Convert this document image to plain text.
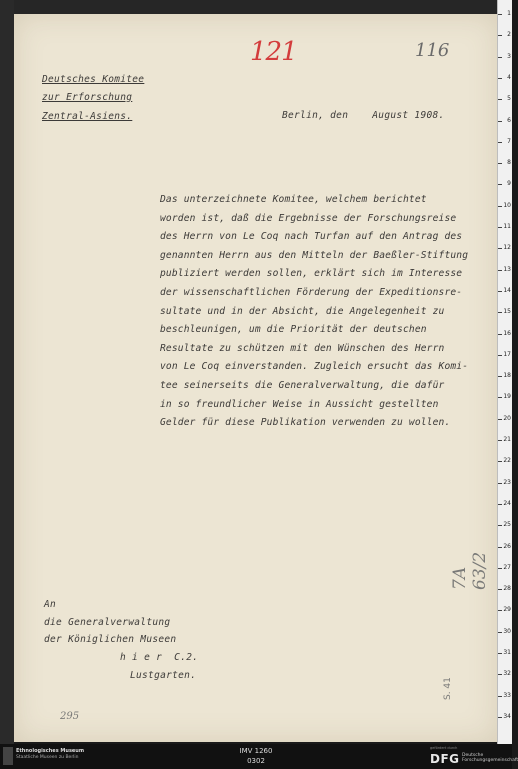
121	116
Deutsches Komitee
zur Erforschung
Zentral-Asiens.	Berlin, den    August 1908.
Das unterzeichnete Komitee, welchem berichtet
worden ist, daß die Ergebnisse der Forschungsreise
des Herrn von Le Coq nach Turfan auf den Antrag des
genannten Herrn aus den Mitteln der Baeßler-Stiftung
publiziert werden sollen, erklärt sich im Interesse
der wissenschaftlichen Förderung der Expeditionsre-
sultate und in der Absicht, die Angelegenheit zu
beschleunigen, um die Priorität der deutschen
Resultate zu schützen mit den Wünschen des Herrn
von Le Coq einverstanden. Zugleich ersucht das Komi-
tee seinerseits die Generalverwaltung, die dafür
in so freundlicher Weise in Aussicht gestellten
Gelder für diese Publikation verwenden zu wollen.
An
die Generalverwaltung
der Königlichen Museen
h i e r  C.2.
Lustgarten.
7A 63/2
S. 41
295
1
2
3
4
5
6
7
8
9
10
11
12
13
14
15
16
17
18
19
20
21
22
23
24
25
26
27
28
29
30
31
32
33
34
Ethnologisches Museum
Staatliche Museen zu Berlin
IMV 1260
0302
gefördert durch
DFG Deutsche Forschungsgemeinschaft
